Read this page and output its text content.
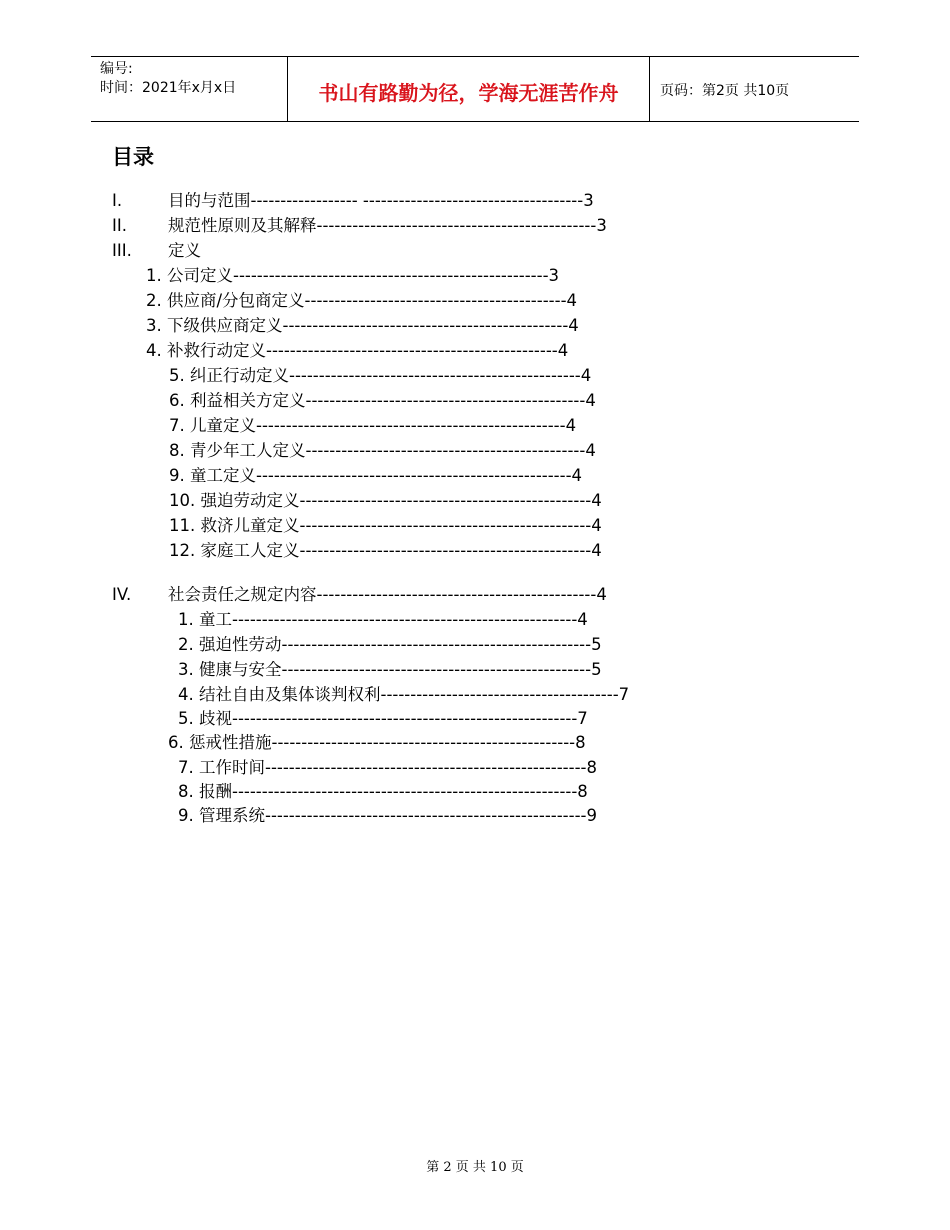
编号:
时间：2021年x月x日	书山有路勤为径，学海无涯苦作舟	页码：第2页 共10页
目录
I.	目的与范围------------------ -------------------------------------3
II. 规范性原则及其解释-----------------------------------------------3
III. 定义
1. 公司定义-----------------------------------------------------3
2. 供应商/分包商定义--------------------------------------------4
3. 下级供应商定义------------------------------------------------4
4. 补救行动定义-------------------------------------------------4
5. 纠正行动定义-------------------------------------------------4
6. 利益相关方定义-----------------------------------------------4
7. 儿童定义----------------------------------------------------4
8. 青少年工人定义-----------------------------------------------4
9. 童工定义-----------------------------------------------------4
10. 强迫劳动定义-------------------------------------------------4
11. 救济儿童定义-------------------------------------------------4
12. 家庭工人定义-------------------------------------------------4
IV. 社会责任之规定内容-----------------------------------------------4
1. 童工----------------------------------------------------------4
2. 强迫性劳动----------------------------------------------------5
3. 健康与安全----------------------------------------------------5
4. 结社自由及集体谈判权利----------------------------------------7
5. 歧视----------------------------------------------------------7
6. 惩戒性措施---------------------------------------------------8
7. 工作时间------------------------------------------------------8
8. 报酬----------------------------------------------------------8
9. 管理系统------------------------------------------------------9
第 2 页 共 10 页
